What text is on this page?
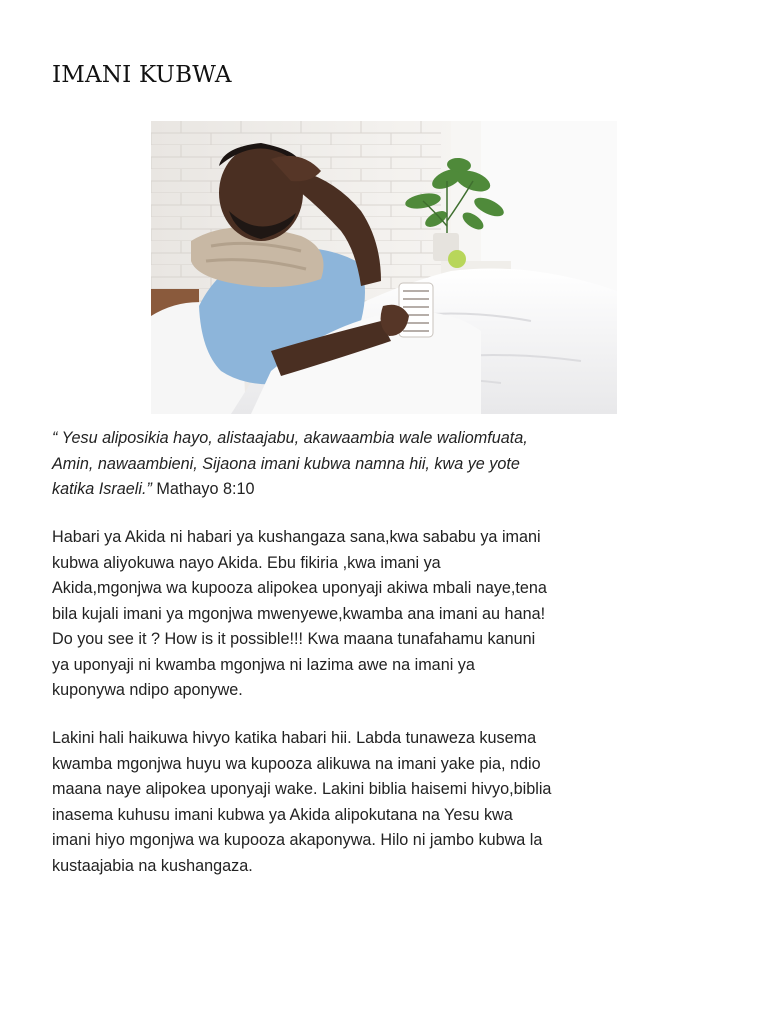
IMANI KUBWA

“ Yesu aliposikia hayo, alistaajabu, akawaambia wale waliomfuata, Amin, nawaambieni, Sijaona imani kubwa namna hii, kwa ye yote katika Israeli.” Mathayo 8:10

Habari ya Akida ni habari ya kushangaza sana,kwa sababu ya imani kubwa aliyokuwa nayo Akida. Ebu fikiria ,kwa imani ya Akida,mgonjwa wa kupooza alipokea uponyaji akiwa mbali naye,tena bila kujali imani ya mgonjwa mwenyewe,kwamba ana imani au hana! Do you see it ? How is it possible!!! Kwa maana tunafahamu kanuni ya uponyaji ni kwamba mgonjwa ni lazima awe na imani ya kuponywa ndipo aponywe.

Lakini hali haikuwa hivyo katika habari hii. Labda tunaweza kusema kwamba mgonjwa huyu wa kupooza alikuwa na imani yake pia, ndio maana naye alipokea uponyaji wake. Lakini biblia haisemi hivyo,biblia inasema kuhusu imani kubwa ya Akida alipokutana na Yesu kwa imani hiyo mgonjwa wa kupooza akaponywa. Hilo ni jambo kubwa la kustaajabia na kushangaza.
